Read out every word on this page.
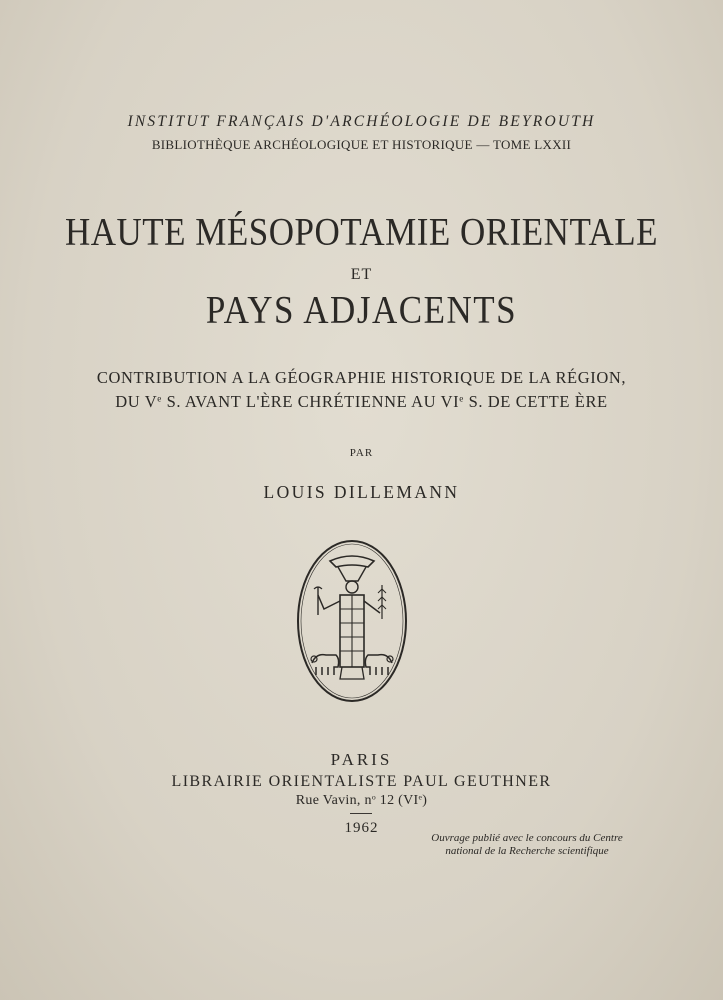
INSTITUT FRANÇAIS D'ARCHÉOLOGIE DE BEYROUTH
BIBLIOTHÈQUE ARCHÉOLOGIQUE ET HISTORIQUE — TOME LXXII
HAUTE MÉSOPOTAMIE ORIENTALE
ET
PAYS ADJACENTS
CONTRIBUTION A LA GÉOGRAPHIE HISTORIQUE DE LA RÉGION,
DU Ve S. AVANT L'ÈRE CHRÉTIENNE AU VIe S. DE CETTE ÈRE
PAR
LOUIS DILLEMANN
PARIS
LIBRAIRIE ORIENTALISTE PAUL GEUTHNER
Rue Vavin, $n^o$ 12 (VIe)
1962
Ouvrage publié avec le concours du Centre
national de la Recherche scientifique
